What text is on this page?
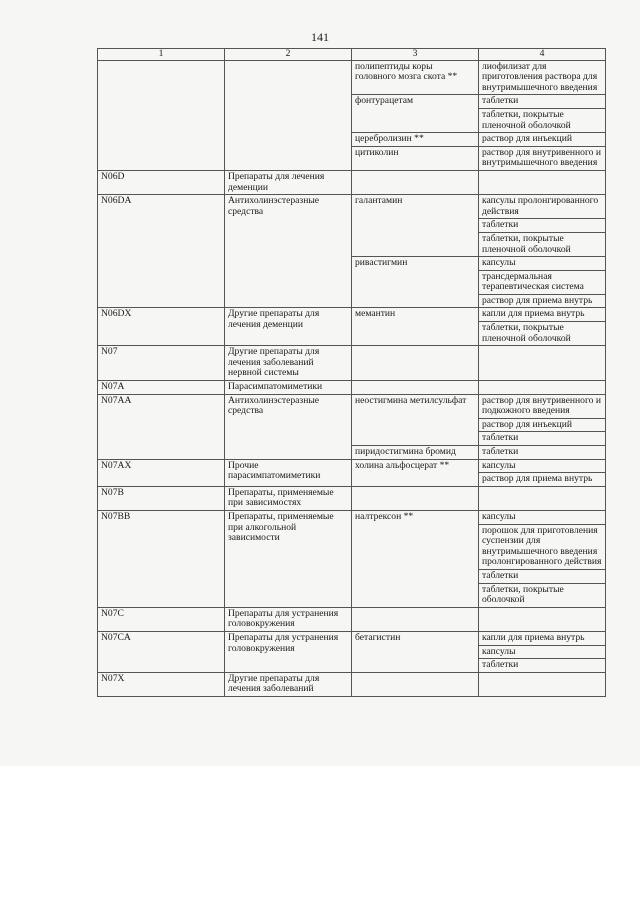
141
1	2	3	4
		полипептиды коры головного мозга скота **	лиофилизат для приготовления раствора для внутримышечного введения
		фонтурацетам	таблетки
			таблетки, покрытые пленочной оболочкой
		церебролизин **	раствор для инъекций
		цитиколин	раствор для внутривенного и внутримышечного введения
N06D	Препараты для лечения деменции		
N06DA	Антихолинэстеразные средства	галантамин	капсулы пролонгированного действия
			таблетки
			таблетки, покрытые пленочной оболочкой
		ривастигмин	капсулы
			трансдермальная терапевтическая система
			раствор для приема внутрь
N06DX	Другие препараты для лечения деменции	мемантин	капли для приема внутрь
			таблетки, покрытые пленочной оболочкой
N07	Другие препараты для лечения заболеваний нервной системы		
N07A	Парасимпатомиметики		
N07AA	Антихолинэстеразные средства	неостигмина метилсульфат	раствор для внутривенного и подкожного введения
			раствор для инъекций
			таблетки
		пиридостигмина бромид	таблетки
N07AX	Прочие парасимпатомиметики	холина альфосцерат **	капсулы
			раствор для приема внутрь
N07B	Препараты, применяемые при зависимостях		
N07BB	Препараты, применяемые при алкогольной зависимости	налтрексон **	капсулы
			порошок для приготовления суспензии для внутримышечного введения пролонгированного действия
			таблетки
			таблетки, покрытые оболочкой
N07C	Препараты для устранения головокружения		
N07CA	Препараты для устранения головокружения	бетагистин	капли для приема внутрь
			капсулы
			таблетки
N07X	Другие препараты для лечения заболеваний		
